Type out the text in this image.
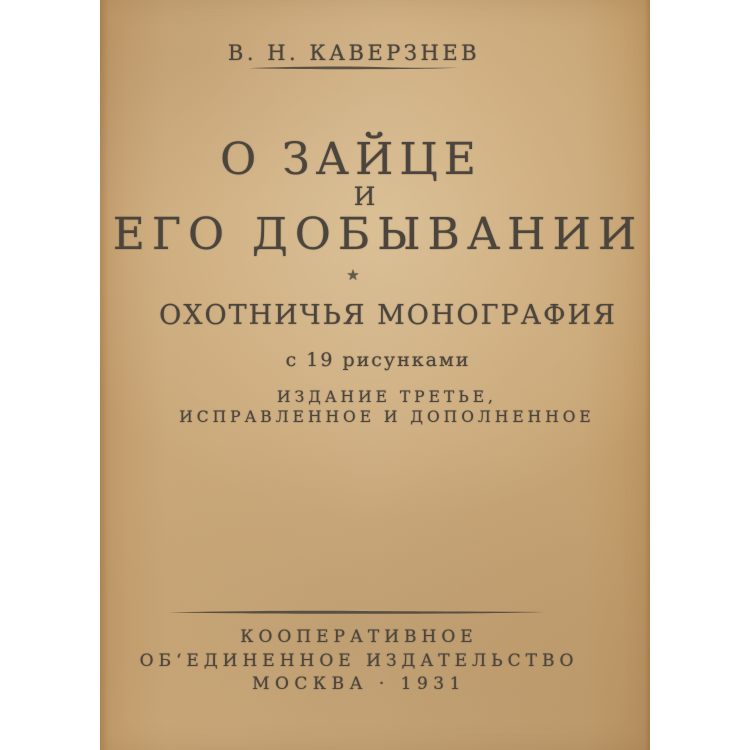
В. Н. КАВЕРЗНЕВ
О ЗАЙЦЕ
И
ЕГО ДОБЫВАНИИ
★
ОХОТНИЧЬЯ МОНОГРАФИЯ
с 19 рисунками
ИЗДАНИЕ ТРЕТЬЕ,
ИСПРАВЛЕННОЕ И ДОПОЛНЕННОЕ
КООПЕРАТИВНОЕ
ОБ‘ЕДИНЕННОЕ ИЗДАТЕЛЬСТВО
МОСКВА · 1931
